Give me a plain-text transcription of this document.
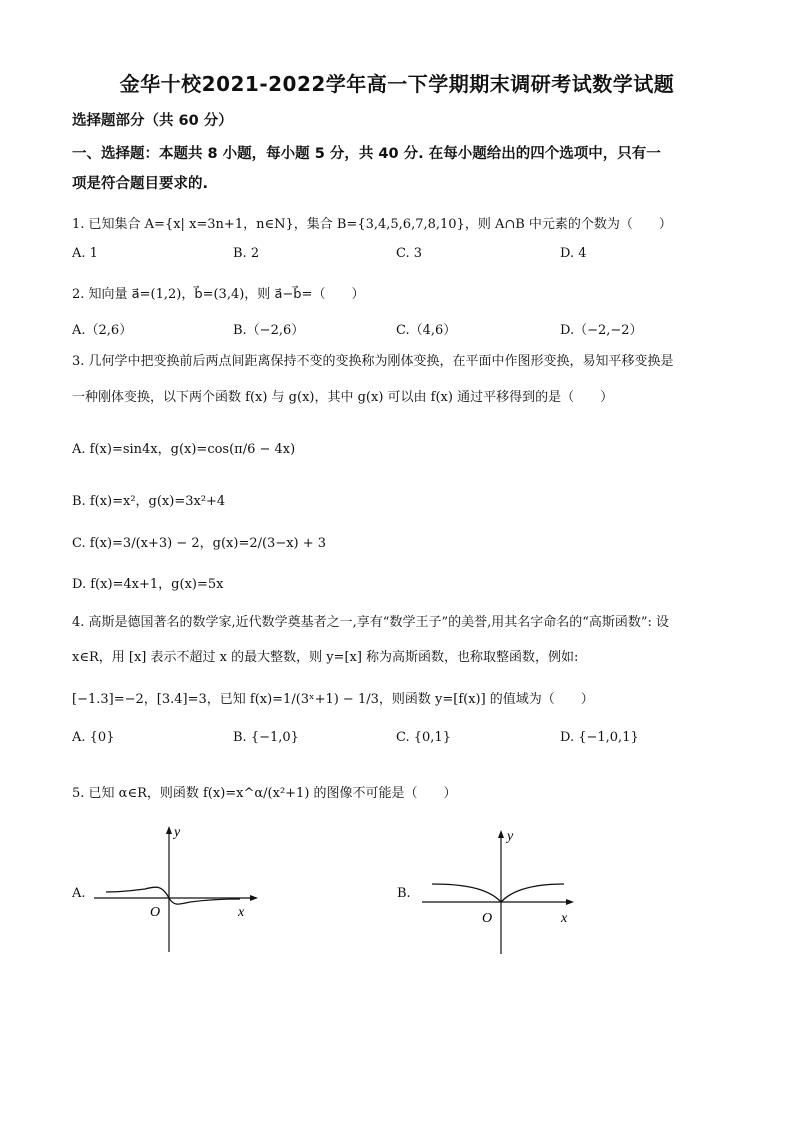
金华十校2021-2022学年高一下学期期末调研考试数学试题
选择题部分（共 60 分）
一、选择题：本题共 8 小题，每小题 5 分，共 40 分. 在每小题给出的四个选项中，只有一
项是符合题目要求的.
1. 已知集合 A={x| x=3n+1，n∈N}，集合 B={3,4,5,6,7,8,10}，则 A∩B 中元素的个数为（　　）
A. 1	B. 2	C. 3	D. 4
2. 知向量 a⃗=(1,2)，b⃗=(3,4)，则 a⃗−b⃗=（　　）
A.（2,6）	B.（−2,6）	C.（4,6）	D.（−2,−2）
3. 几何学中把变换前后两点间距离保持不变的变换称为刚体变换，在平面中作图形变换，易知平移变换是
一种刚体变换，以下两个函数 f(x) 与 g(x)，其中 g(x) 可以由 f(x) 通过平移得到的是（　　）
A. f(x)=sin4x，g(x)=cos(π/6 − 4x)
B. f(x)=x²，g(x)=3x²+4
C. f(x)=3/(x+3) − 2，g(x)=2/(3−x) + 3
D. f(x)=4x+1，g(x)=5x
4. 高斯是德国著名的数学家,近代数学奠基者之一,享有“数学王子”的美誉,用其名字命名的“高斯函数”: 设
x∈R，用 [x] 表示不超过 x 的最大整数，则 y=[x] 称为高斯函数，也称取整函数，例如:
[−1.3]=−2，[3.4]=3，已知 f(x)=1/(3ˣ+1) − 1/3，则函数 y=[f(x)] 的值域为（　　）
A. {0}	B. {−1,0}	C. {0,1}	D. {−1,0,1}
5. 已知 α∈R，则函数 f(x)=x^α/(x²+1) 的图像不可能是（　　）
A.
y
x
O
B.
y
x
O
